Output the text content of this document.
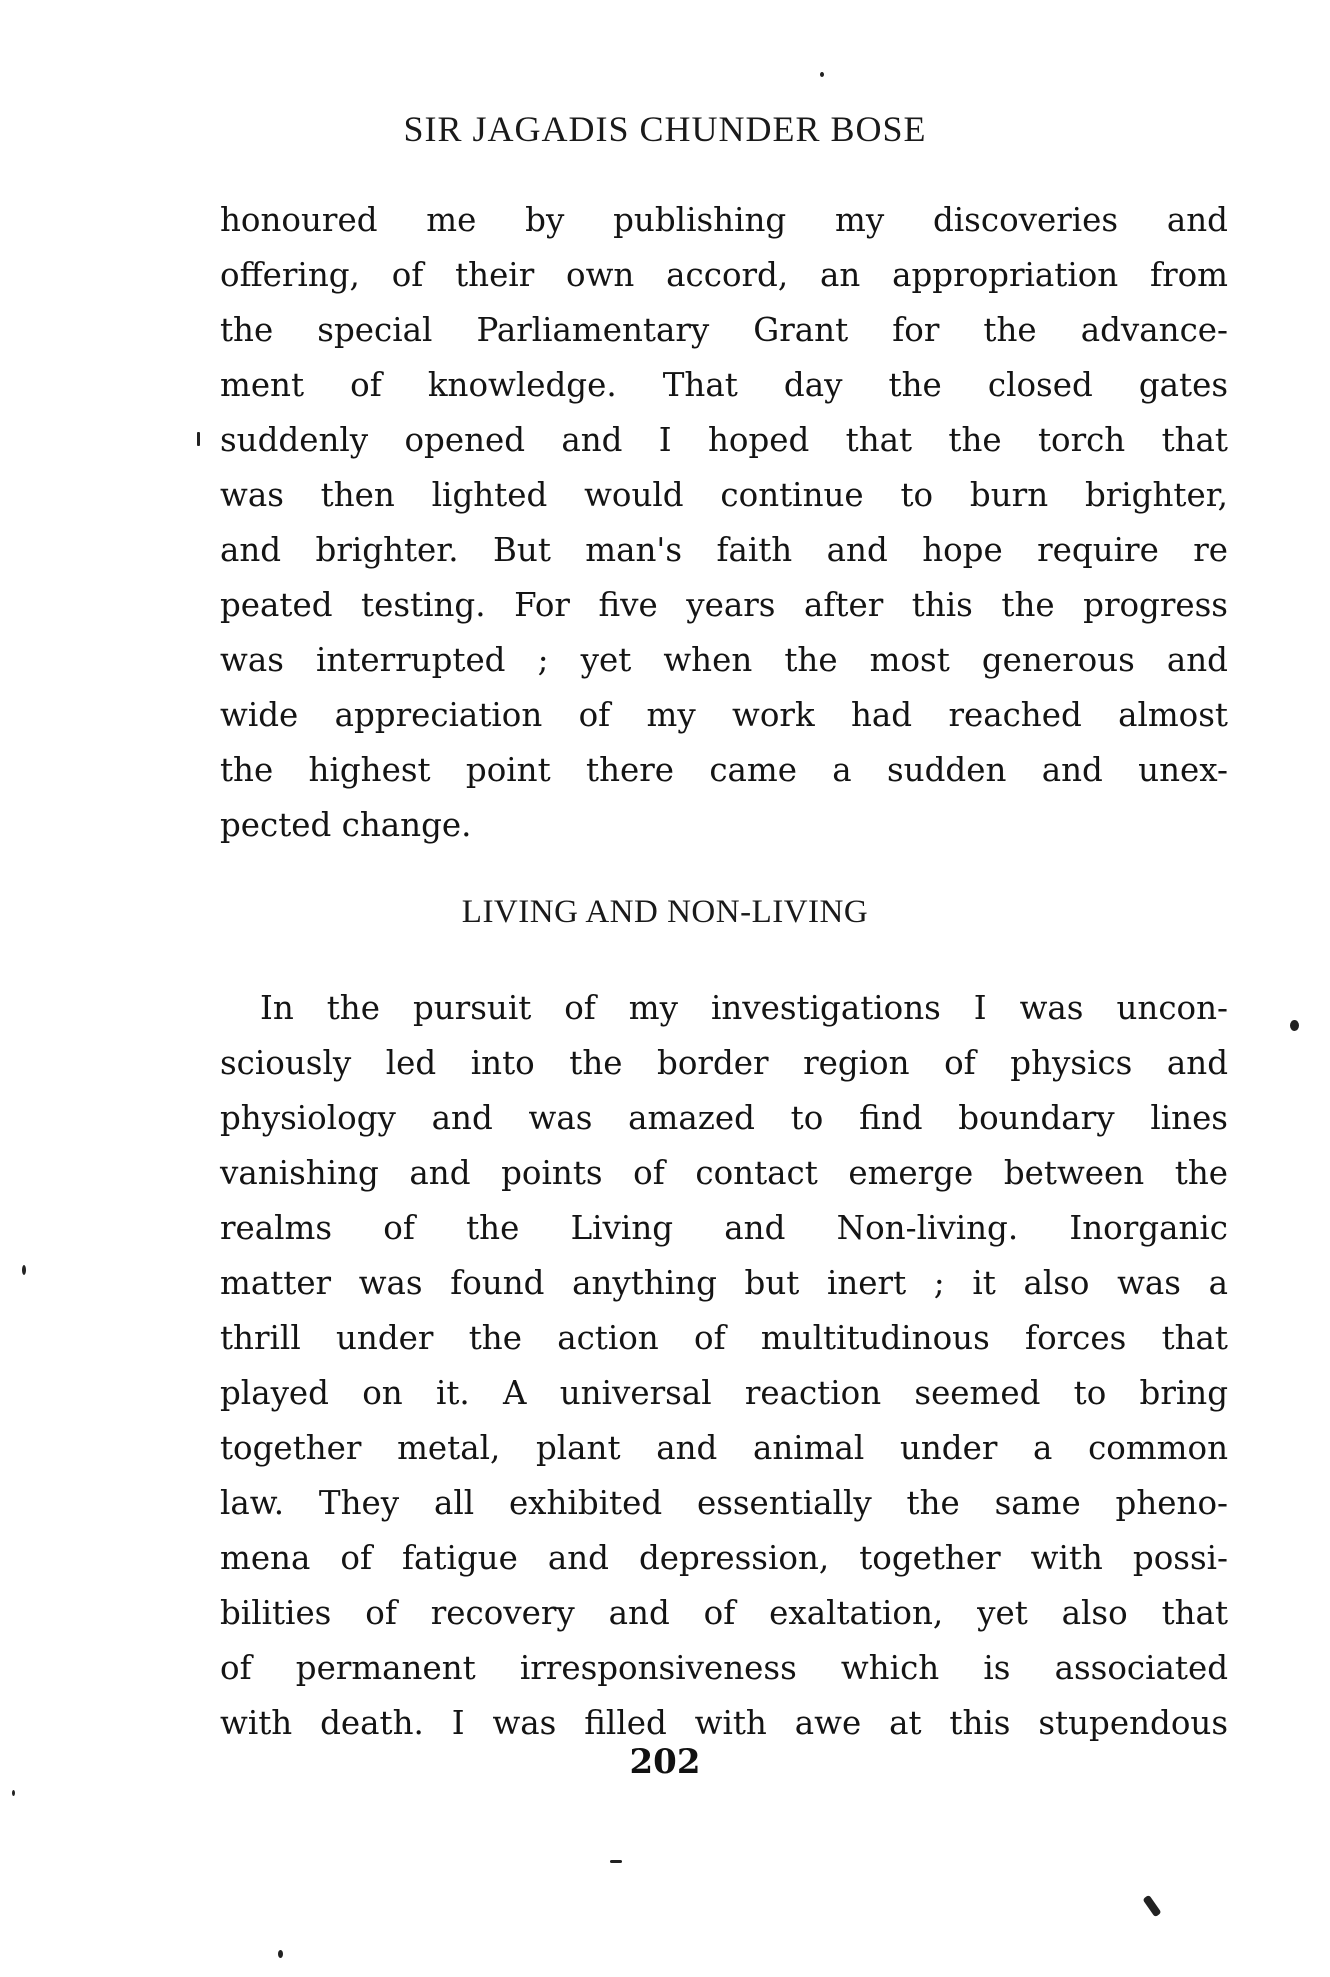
SIR JAGADIS CHUNDER BOSE
honoured me by publishing my discoveries and
offering, of their own accord, an appropriation from
the special Parliamentary Grant for the advance-
ment of knowledge. That day the closed gates
suddenly opened and I hoped that the torch that
was then lighted would continue to burn brighter,
and brighter. But man's faith and hope require re
peated testing. For five years after this the progress
was interrupted ; yet when the most generous and
wide appreciation of my work had reached almost
the highest point there came a sudden and unex-
pected change.
LIVING AND NON-LIVING
In the pursuit of my investigations I was uncon-
sciously led into the border region of physics and
physiology and was amazed to find boundary lines
vanishing and points of contact emerge between the
realms of the Living and Non-living. Inorganic
matter was found anything but inert ; it also was a
thrill under the action of multitudinous forces that
played on it. A universal reaction seemed to bring
together metal, plant and animal under a common
law. They all exhibited essentially the same pheno-
mena of fatigue and depression, together with possi-
bilities of recovery and of exaltation, yet also that
of permanent irresponsiveness which is associated
with death. I was filled with awe at this stupendous
202
